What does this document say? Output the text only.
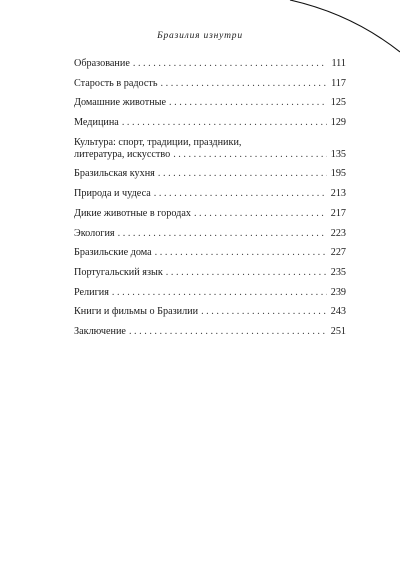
Бразилия изнутри
Образование . . .	111
Старость в радость . . .	117
Домашние животные . . .	125
Медицина . . .	129
Культура: спорт, традиции, праздники,
литература, искусство . . .	135
Бразильская кухня . . .	195
Природа и чудеса . . .	213
Дикие животные в городах . . .	217
Экология . . .	223
Бразильские дома . . .	227
Португальский язык . . .	235
Религия . . .	239
Книги и фильмы о Бразилии . . .	243
Заключение . . .	251
